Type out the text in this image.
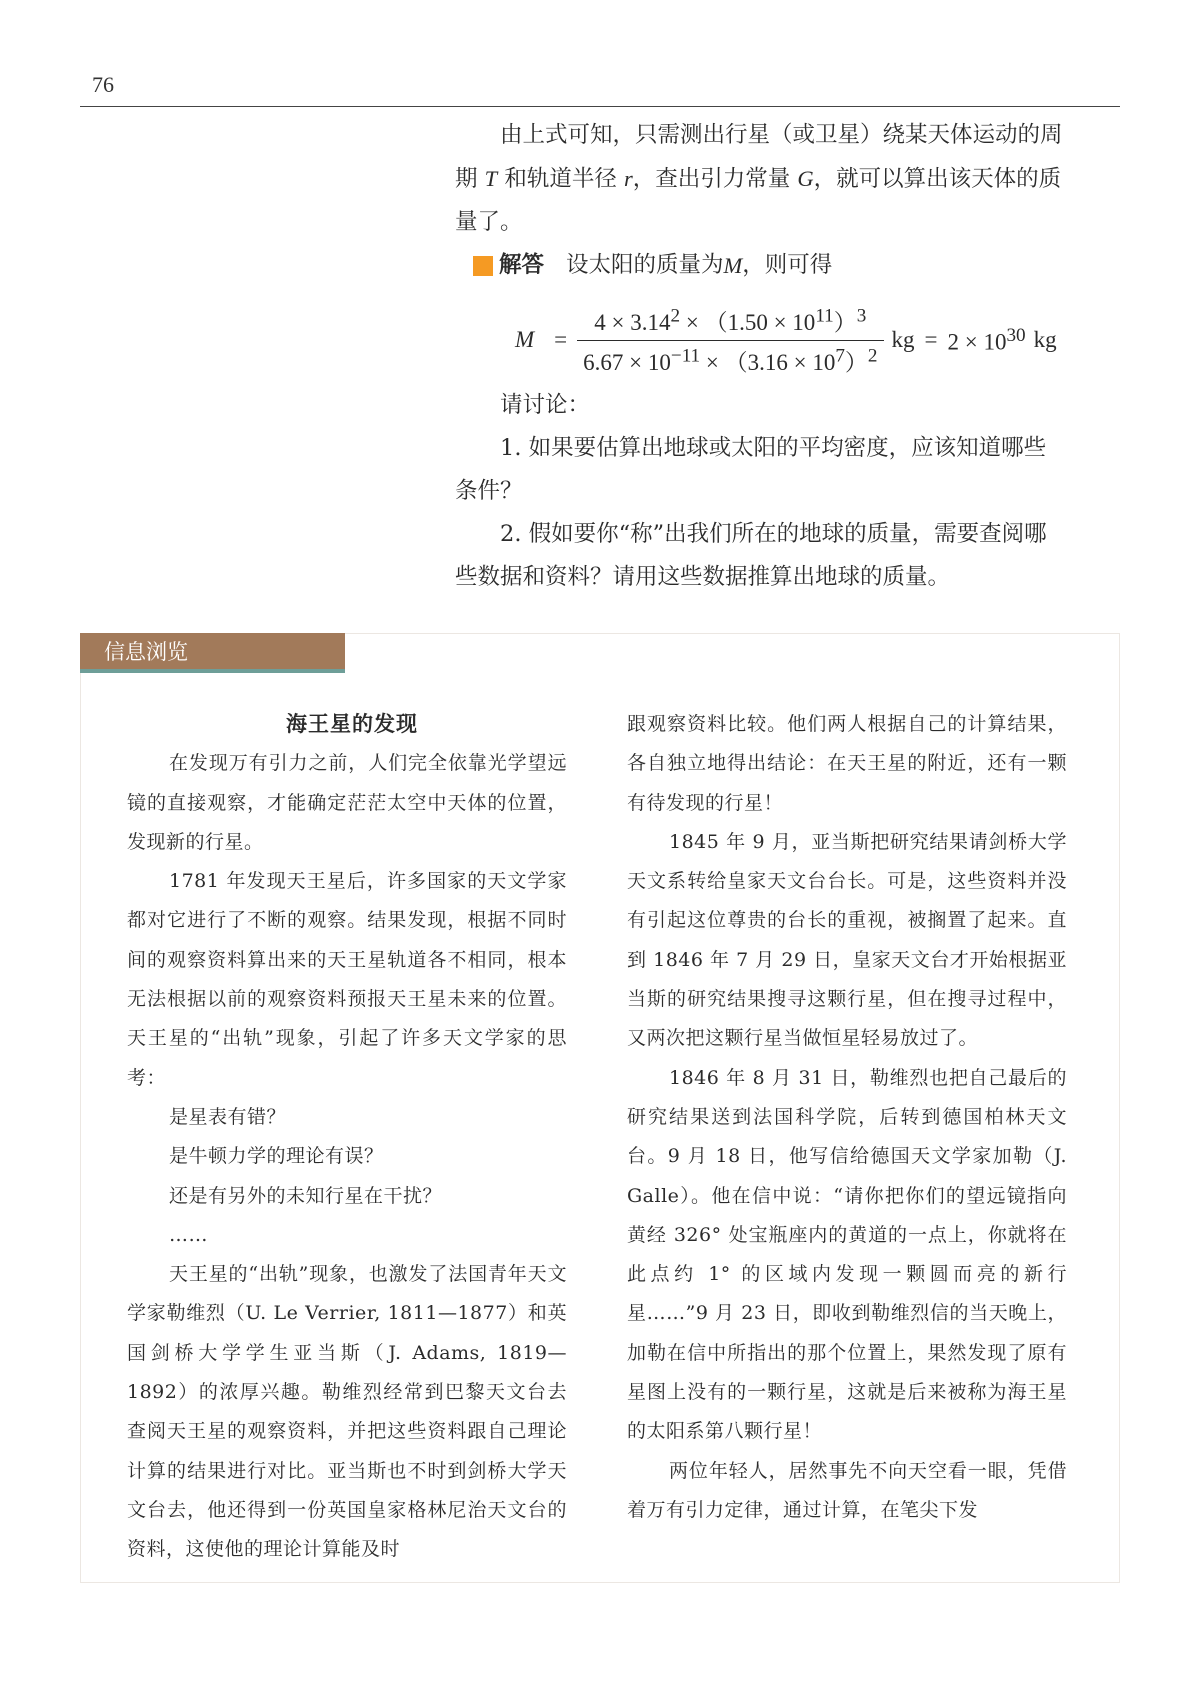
76

由上式可知，只需测出行星（或卫星）绕某天体运动的周

期 T 和轨道半径 r，查出引力常量 G，就可以算出该天体的质

量了。

解答 设太阳的质量为 M ，则可得

$M = \frac{4 \times 3.14^2 \times (1.50 \times 10^{11})^3}{6.67 \times 10^{-11} \times (3.16 \times 10^7)^2}$ kg = $2 \times 10^{30}$ kg

请讨论：

1. 如果要估算出地球或太阳的平均密度，应该知道哪些

条件？

2. 假如要你“称”出我们所在的地球的质量，需要查阅哪

些数据和资料？请用这些数据推算出地球的质量。

信息浏览

海王星的发现

在发现万有引力之前，人们完全依靠光学望远镜的直接观察，才能确定茫茫太空中天体的位置，发现新的行星。

1781 年发现天王星后，许多国家的天文学家都对它进行了不断的观察。结果发现，根据不同时间的观察资料算出来的天王星轨道各不相同，根本无法根据以前的观察资料预报天王星未来的位置。天王星的“出轨”现象，引起了许多天文学家的思考：

是星表有错？

是牛顿力学的理论有误？

还是有另外的未知行星在干扰？

……

天王星的“出轨”现象，也激发了法国青年天文学家勒维烈（U. Le Verrier, 1811—1877）和英国剑桥大学学生亚当斯（J. Adams, 1819—1892）的浓厚兴趣。勒维烈经常到巴黎天文台去查阅天王星的观察资料，并把这些资料跟自己理论计算的结果进行对比。亚当斯也不时到剑桥大学天文台去，他还得到一份英国皇家格林尼治天文台的资料，这使他的理论计算能及时

跟观察资料比较。他们两人根据自己的计算结果，各自独立地得出结论：在天王星的附近，还有一颗有待发现的行星！

1845 年 9 月，亚当斯把研究结果请剑桥大学天文系转给皇家天文台台长。可是，这些资料并没有引起这位尊贵的台长的重视，被搁置了起来。直到 1846 年 7 月 29 日，皇家天文台才开始根据亚当斯的研究结果搜寻这颗行星，但在搜寻过程中，又两次把这颗行星当做恒星轻易放过了。

1846 年 8 月 31 日，勒维烈也把自己最后的研究结果送到法国科学院，后转到德国柏林天文台。9 月 18 日，他写信给德国天文学家加勒（J. Galle）。他在信中说：“请你把你们的望远镜指向黄经 326° 处宝瓶座内的黄道的一点上，你就将在此点约 1° 的区域内发现一颗圆而亮的新行星……”9 月 23 日，即收到勒维烈信的当天晚上，加勒在信中所指出的那个位置上，果然发现了原有星图上没有的一颗行星，这就是后来被称为海王星的太阳系第八颗行星！

两位年轻人，居然事先不向天空看一眼，凭借着万有引力定律，通过计算，在笔尖下发
